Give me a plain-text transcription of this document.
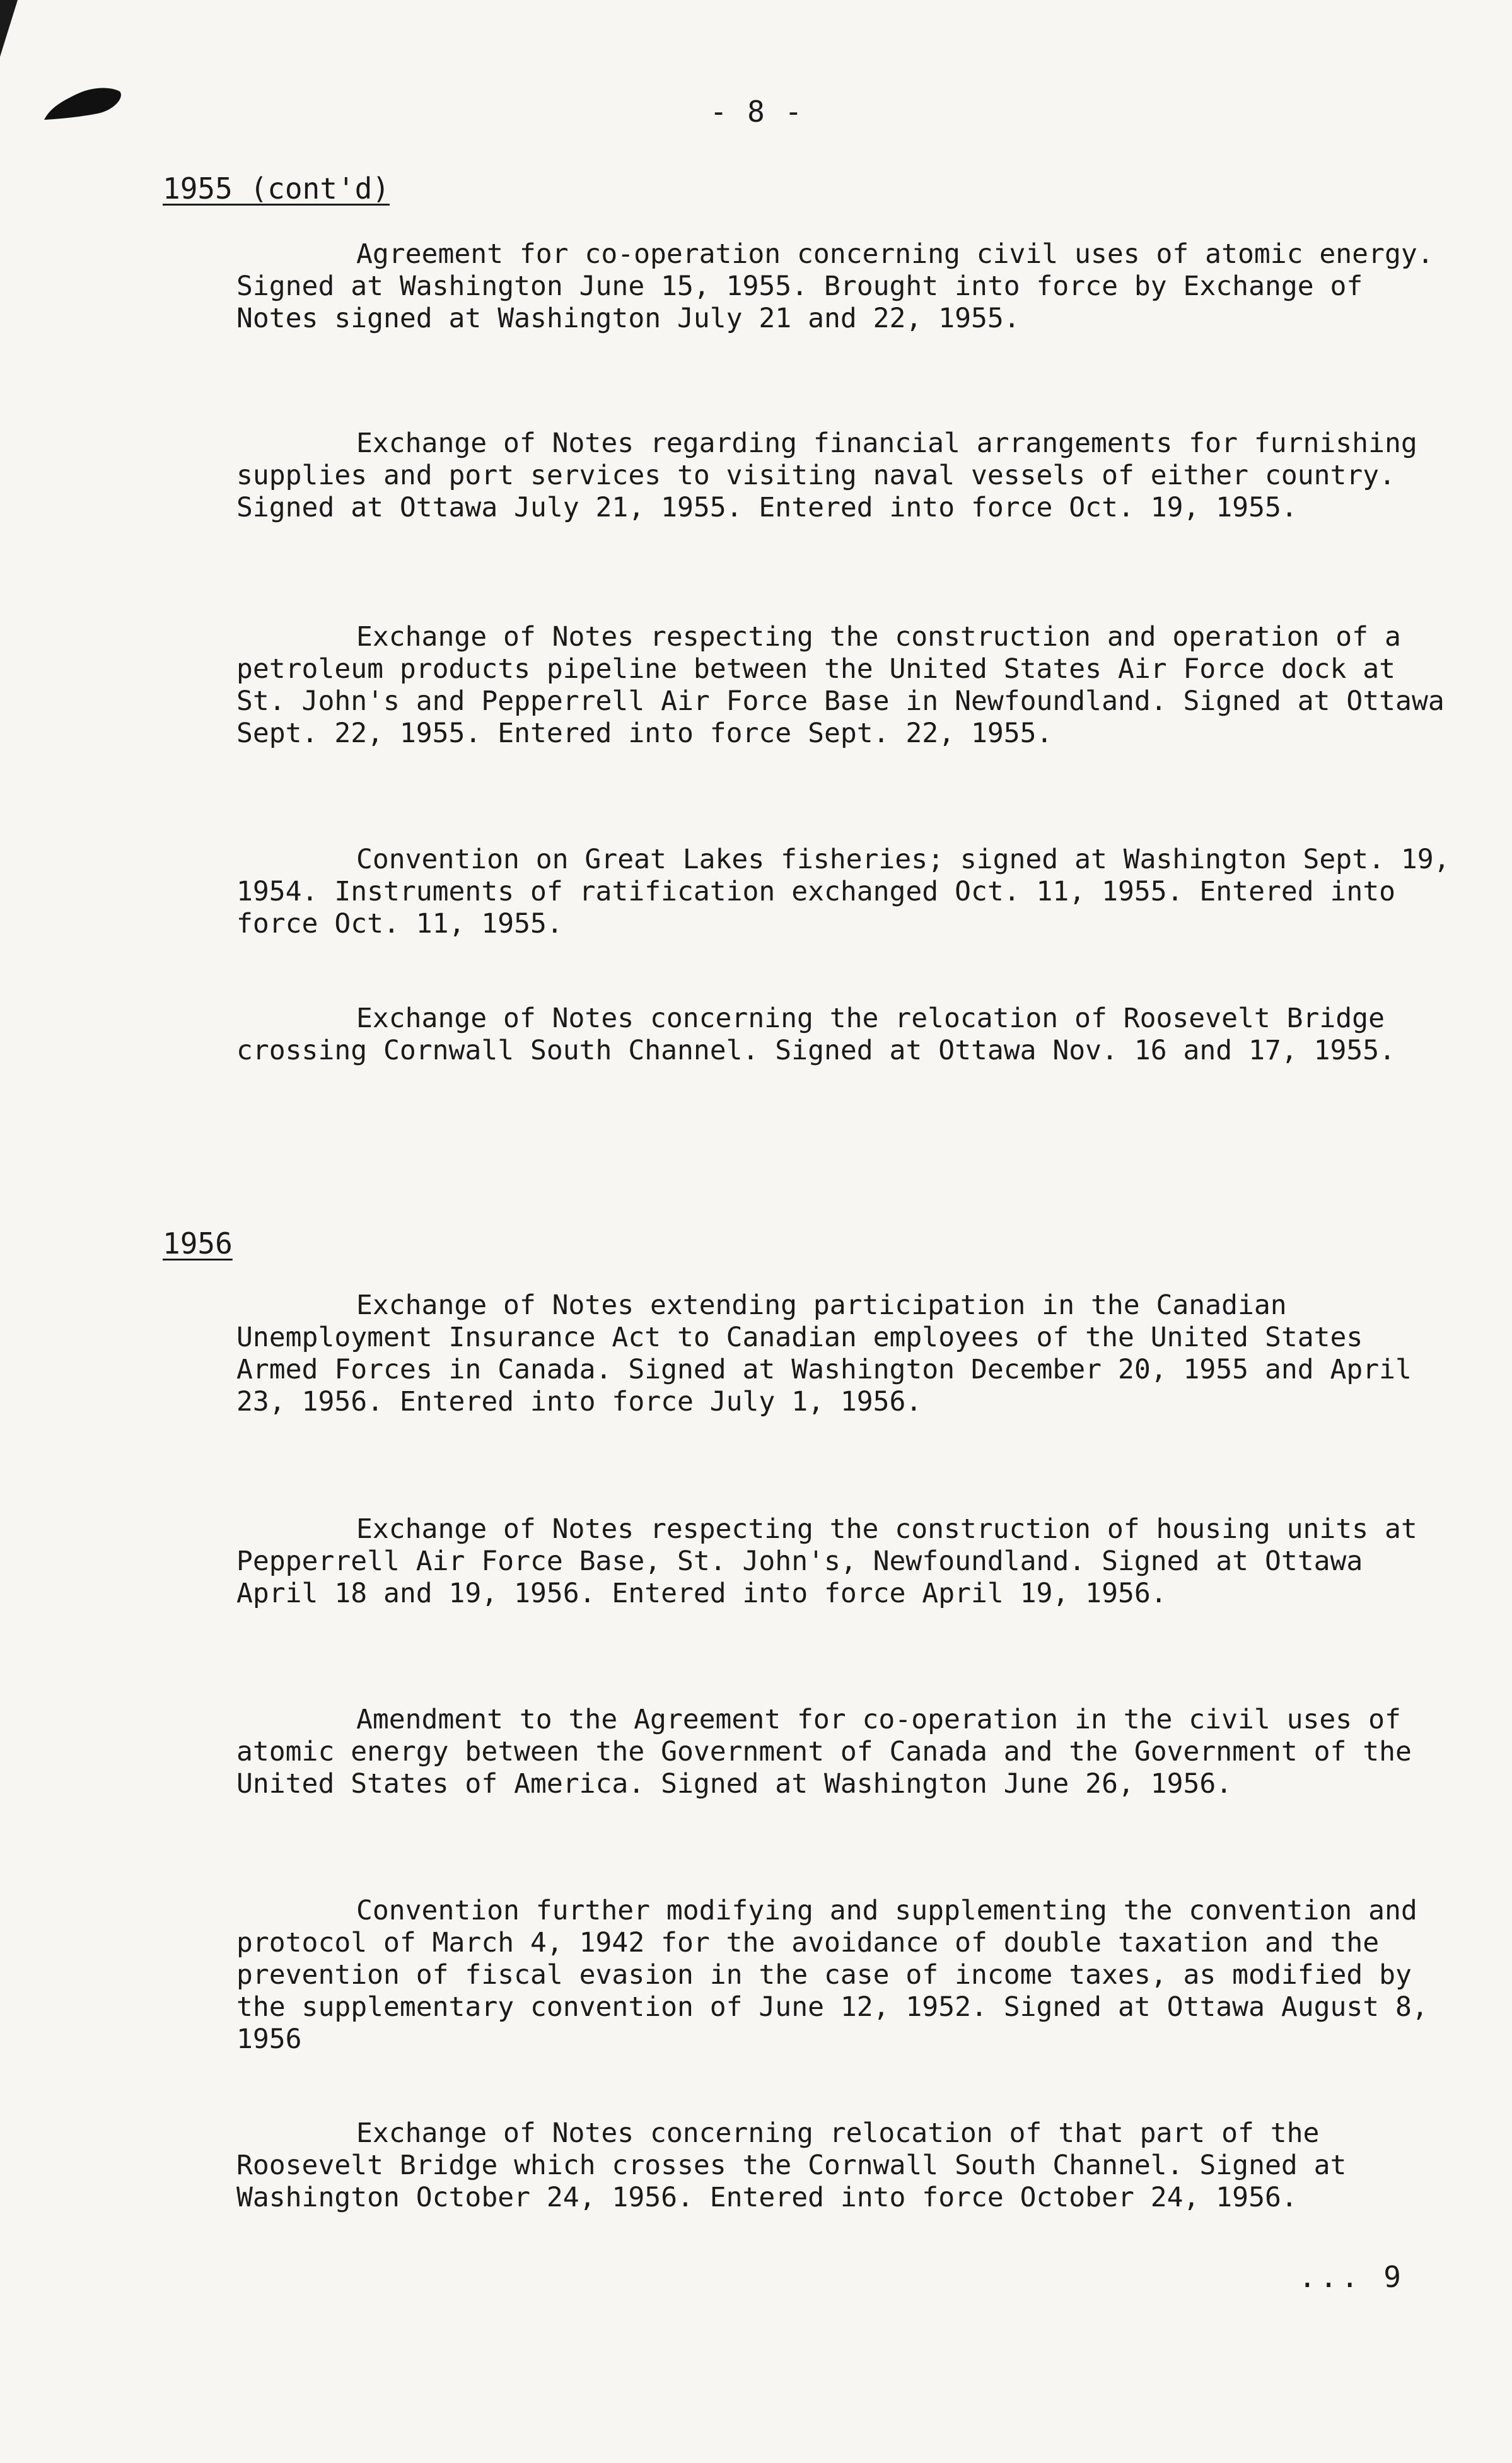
- 8 -
1955 (cont'd)

Agreement for co-operation concerning civil uses of atomic energy. Signed at Washington June 15, 1955. Brought into force by Exchange of Notes signed at Washington July 21 and 22, 1955.

Exchange of Notes regarding financial arrangements for furnishing supplies and port services to visiting naval vessels of either country. Signed at Ottawa July 21, 1955. Entered into force Oct. 19, 1955.

Exchange of Notes respecting the construction and operation of a petroleum products pipeline between the United States Air Force dock at St. John's and Pepperrell Air Force Base in Newfoundland. Signed at Ottawa Sept. 22, 1955. Entered into force Sept. 22, 1955.

Convention on Great Lakes fisheries; signed at Washington Sept. 19, 1954. Instruments of ratification exchanged Oct. 11, 1955. Entered into force Oct. 11, 1955.

Exchange of Notes concerning the relocation of Roosevelt Bridge crossing Cornwall South Channel. Signed at Ottawa Nov. 16 and 17, 1955.

1956

Exchange of Notes extending participation in the Canadian Unemployment Insurance Act to Canadian employees of the United States Armed Forces in Canada. Signed at Washington December 20, 1955 and April 23, 1956. Entered into force July 1, 1956.

Exchange of Notes respecting the construction of housing units at Pepperrell Air Force Base, St. John's, Newfoundland. Signed at Ottawa April 18 and 19, 1956. Entered into force April 19, 1956.

Amendment to the Agreement for co-operation in the civil uses of atomic energy between the Government of Canada and the Government of the United States of America. Signed at Washington June 26, 1956.

Convention further modifying and supplementing the convention and protocol of March 4, 1942 for the avoidance of double taxation and the prevention of fiscal evasion in the case of income taxes, as modified by the supplementary convention of June 12, 1952. Signed at Ottawa August 8, 1956

Exchange of Notes concerning relocation of that part of the Roosevelt Bridge which crosses the Cornwall South Channel. Signed at Washington October 24, 1956. Entered into force October 24, 1956.

... 9
